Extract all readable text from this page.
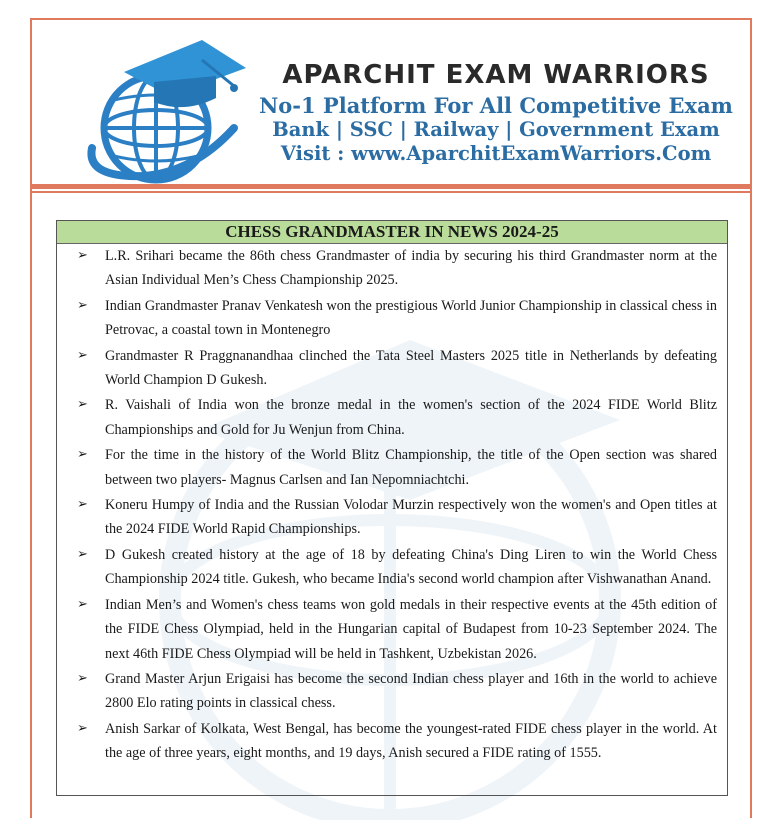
APARCHIT EXAM WARRIORS
No-1 Platform For All Competitive Exam
Bank | SSC | Railway | Government Exam
Visit : www.AparchitExamWarriors.Com
CHESS GRANDMASTER IN NEWS 2024-25
➢ L.R. Srihari became the 86th chess Grandmaster of india by securing his third Grandmaster norm at the Asian Individual Men’s Chess Championship 2025.
➢ Indian Grandmaster Pranav Venkatesh won the prestigious World Junior Championship in classical chess in Petrovac, a coastal town in Montenegro
➢ Grandmaster R Praggnanandhaa clinched the Tata Steel Masters 2025 title in Netherlands by defeating World Champion D Gukesh.
➢ R. Vaishali of India won the bronze medal in the women's section of the 2024 FIDE World Blitz Championships and Gold for Ju Wenjun from China.
➢ For the time in the history of the World Blitz Championship, the title of the Open section was shared between two players- Magnus Carlsen and Ian Nepomniachtchi.
➢ Koneru Humpy of India and the Russian Volodar Murzin respectively won the women's and Open titles at the 2024 FIDE World Rapid Championships.
➢ D Gukesh created history at the age of 18 by defeating China's Ding Liren to win the World Chess Championship 2024 title. Gukesh, who became India's second world champion after Vishwanathan Anand.
➢ Indian Men’s and Women's chess teams won gold medals in their respective events at the 45th edition of the FIDE Chess Olympiad, held in the Hungarian capital of Budapest from 10-23 September 2024. The next 46th FIDE Chess Olympiad will be held in Tashkent, Uzbekistan 2026.
➢ Grand Master Arjun Erigaisi has become the second Indian chess player and 16th in the world to achieve 2800 Elo rating points in classical chess.
➢ Anish Sarkar of Kolkata, West Bengal, has become the youngest-rated FIDE chess player in the world. At the age of three years, eight months, and 19 days, Anish secured a FIDE rating of 1555.
